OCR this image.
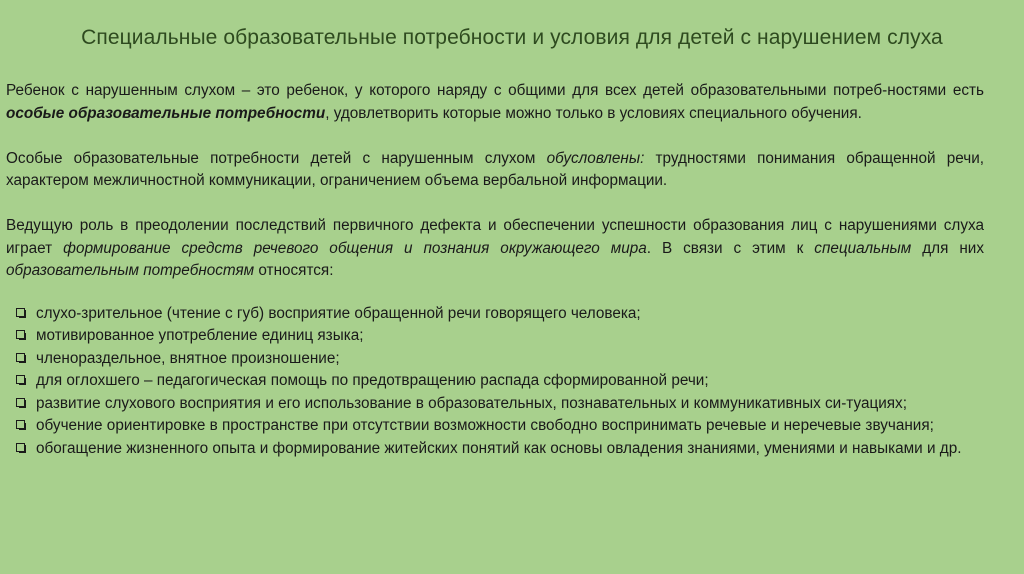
Специальные образовательные потребности и условия для детей с нарушением слуха

Ребенок с нарушенным слухом – это ребенок, у которого наряду с общими для всех детей образовательными потреб-ностями есть особые образовательные потребности, удовлетворить которые можно только в условиях специального обучения.

Особые образовательные потребности детей с нарушенным слухом обусловлены: трудностями понимания обращенной речи, характером межличностной коммуникации, ограничением объема вербальной информации.

Ведущую роль в преодолении последствий первичного дефекта и обеспечении успешности образования лиц с нарушениями слуха играет формирование средств речевого общения и познания окружающего мира. В связи с этим к специальным для них образовательным потребностям относятся:

слухо-зрительное (чтение с губ) восприятие обращенной речи говорящего человека;
мотивированное употребление единиц языка;
членораздельное, внятное произношение;
для оглохшего – педагогическая помощь по предотвращению распада сформированной речи;
развитие слухового восприятия и его использование в образовательных, познавательных и коммуникативных си-туациях;
обучение ориентировке в пространстве при отсутствии возможности свободно воспринимать речевые и неречевые звучания;
обогащение жизненного опыта и формирование житейских понятий как основы овладения знаниями, умениями и навыками и др.
